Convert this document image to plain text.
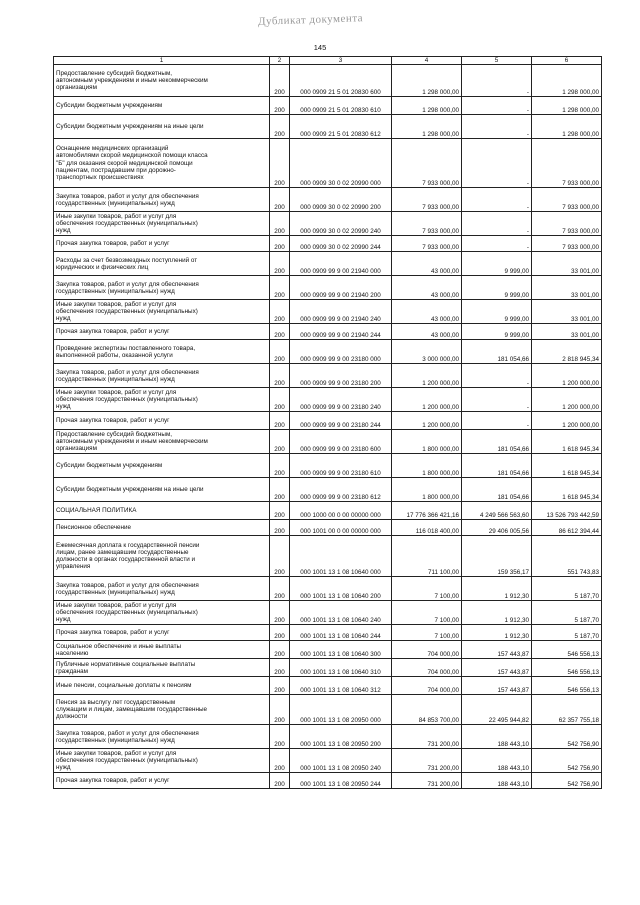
Дубликат документа
145
1	2	3	4	5	6
Предоставление субсидий бюджетным,
автономным учреждениям и иным некоммерческим
организациям	200	000 0909 21 5 01 20830 600	1 298 000,00	-	1 298 000,00
Субсидии бюджетным учреждениям	200	000 0909 21 5 01 20830 610	1 298 000,00	-	1 298 000,00
Субсидии бюджетным учреждениям на иные цели	200	000 0909 21 5 01 20830 612	1 298 000,00	-	1 298 000,00
Оснащение медицинских организаций
автомобилями скорой медицинской помощи класса
"Б" для оказания скорой медицинской помощи
пациентам, пострадавшим при дорожно-
транспортных происшествиях	200	000 0909 30 0 02 20990 000	7 933 000,00	-	7 933 000,00
Закупка товаров, работ и услуг для обеспечения
государственных (муниципальных) нужд	200	000 0909 30 0 02 20990 200	7 933 000,00	-	7 933 000,00
Иные закупки товаров, работ и услуг для
обеспечения государственных (муниципальных)
нужд	200	000 0909 30 0 02 20990 240	7 933 000,00	-	7 933 000,00
Прочая закупка товаров, работ и услуг	200	000 0909 30 0 02 20990 244	7 933 000,00	-	7 933 000,00
Расходы за счет безвозмездных поступлений от
юридических и физических лиц	200	000 0909 99 9 00 21940 000	43 000,00	9 999,00	33 001,00
Закупка товаров, работ и услуг для обеспечения
государственных (муниципальных) нужд	200	000 0909 99 9 00 21940 200	43 000,00	9 999,00	33 001,00
Иные закупки товаров, работ и услуг для
обеспечения государственных (муниципальных)
нужд	200	000 0909 99 9 00 21940 240	43 000,00	9 999,00	33 001,00
Прочая закупка товаров, работ и услуг	200	000 0909 99 9 00 21940 244	43 000,00	9 999,00	33 001,00
Проведение экспертизы поставленного товара,
выполненной работы, оказанной услуги	200	000 0909 99 9 00 23180 000	3 000 000,00	181 054,66	2 818 945,34
Закупка товаров, работ и услуг для обеспечения
государственных (муниципальных) нужд	200	000 0909 99 9 00 23180 200	1 200 000,00	-	1 200 000,00
Иные закупки товаров, работ и услуг для
обеспечения государственных (муниципальных)
нужд	200	000 0909 99 9 00 23180 240	1 200 000,00	-	1 200 000,00
Прочая закупка товаров, работ и услуг	200	000 0909 99 9 00 23180 244	1 200 000,00	-	1 200 000,00
Предоставление субсидий бюджетным,
автономным учреждениям и иным некоммерческим
организациям	200	000 0909 99 9 00 23180 600	1 800 000,00	181 054,66	1 618 945,34
Субсидии бюджетным учреждениям	200	000 0909 99 9 00 23180 610	1 800 000,00	181 054,66	1 618 945,34
Субсидии бюджетным учреждениям на иные цели	200	000 0909 99 9 00 23180 612	1 800 000,00	181 054,66	1 618 945,34
СОЦИАЛЬНАЯ ПОЛИТИКА	200	000 1000 00 0 00 00000 000	17 776 366 421,16	4 249 566 563,60	13 526 793 442,59
Пенсионное обеспечение	200	000 1001 00 0 00 00000 000	116 018 400,00	29 406 005,56	86 612 394,44
Ежемесячная доплата к государственной пенсии
лицам, ранее замещавшим государственные
должности в органах государственной власти и
управления	200	000 1001 13 1 08 10640 000	711 100,00	159 356,17	551 743,83
Закупка товаров, работ и услуг для обеспечения
государственных (муниципальных) нужд	200	000 1001 13 1 08 10640 200	7 100,00	1 912,30	5 187,70
Иные закупки товаров, работ и услуг для
обеспечения государственных (муниципальных)
нужд	200	000 1001 13 1 08 10640 240	7 100,00	1 912,30	5 187,70
Прочая закупка товаров, работ и услуг	200	000 1001 13 1 08 10640 244	7 100,00	1 912,30	5 187,70
Социальное обеспечение и иные выплаты
населению	200	000 1001 13 1 08 10640 300	704 000,00	157 443,87	546 556,13
Публичные нормативные социальные выплаты
гражданам	200	000 1001 13 1 08 10640 310	704 000,00	157 443,87	546 556,13
Иные пенсии, социальные доплаты к пенсиям	200	000 1001 13 1 08 10640 312	704 000,00	157 443,87	546 556,13
Пенсия за выслугу лет государственным
служащим и лицам, замещавшим государственные
должности	200	000 1001 13 1 08 20950 000	84 853 700,00	22 495 944,82	62 357 755,18
Закупка товаров, работ и услуг для обеспечения
государственных (муниципальных) нужд	200	000 1001 13 1 08 20950 200	731 200,00	188 443,10	542 756,90
Иные закупки товаров, работ и услуг для
обеспечения государственных (муниципальных)
нужд	200	000 1001 13 1 08 20950 240	731 200,00	188 443,10	542 756,90
Прочая закупка товаров, работ и услуг	200	000 1001 13 1 08 20950 244	731 200,00	188 443,10	542 756,90
